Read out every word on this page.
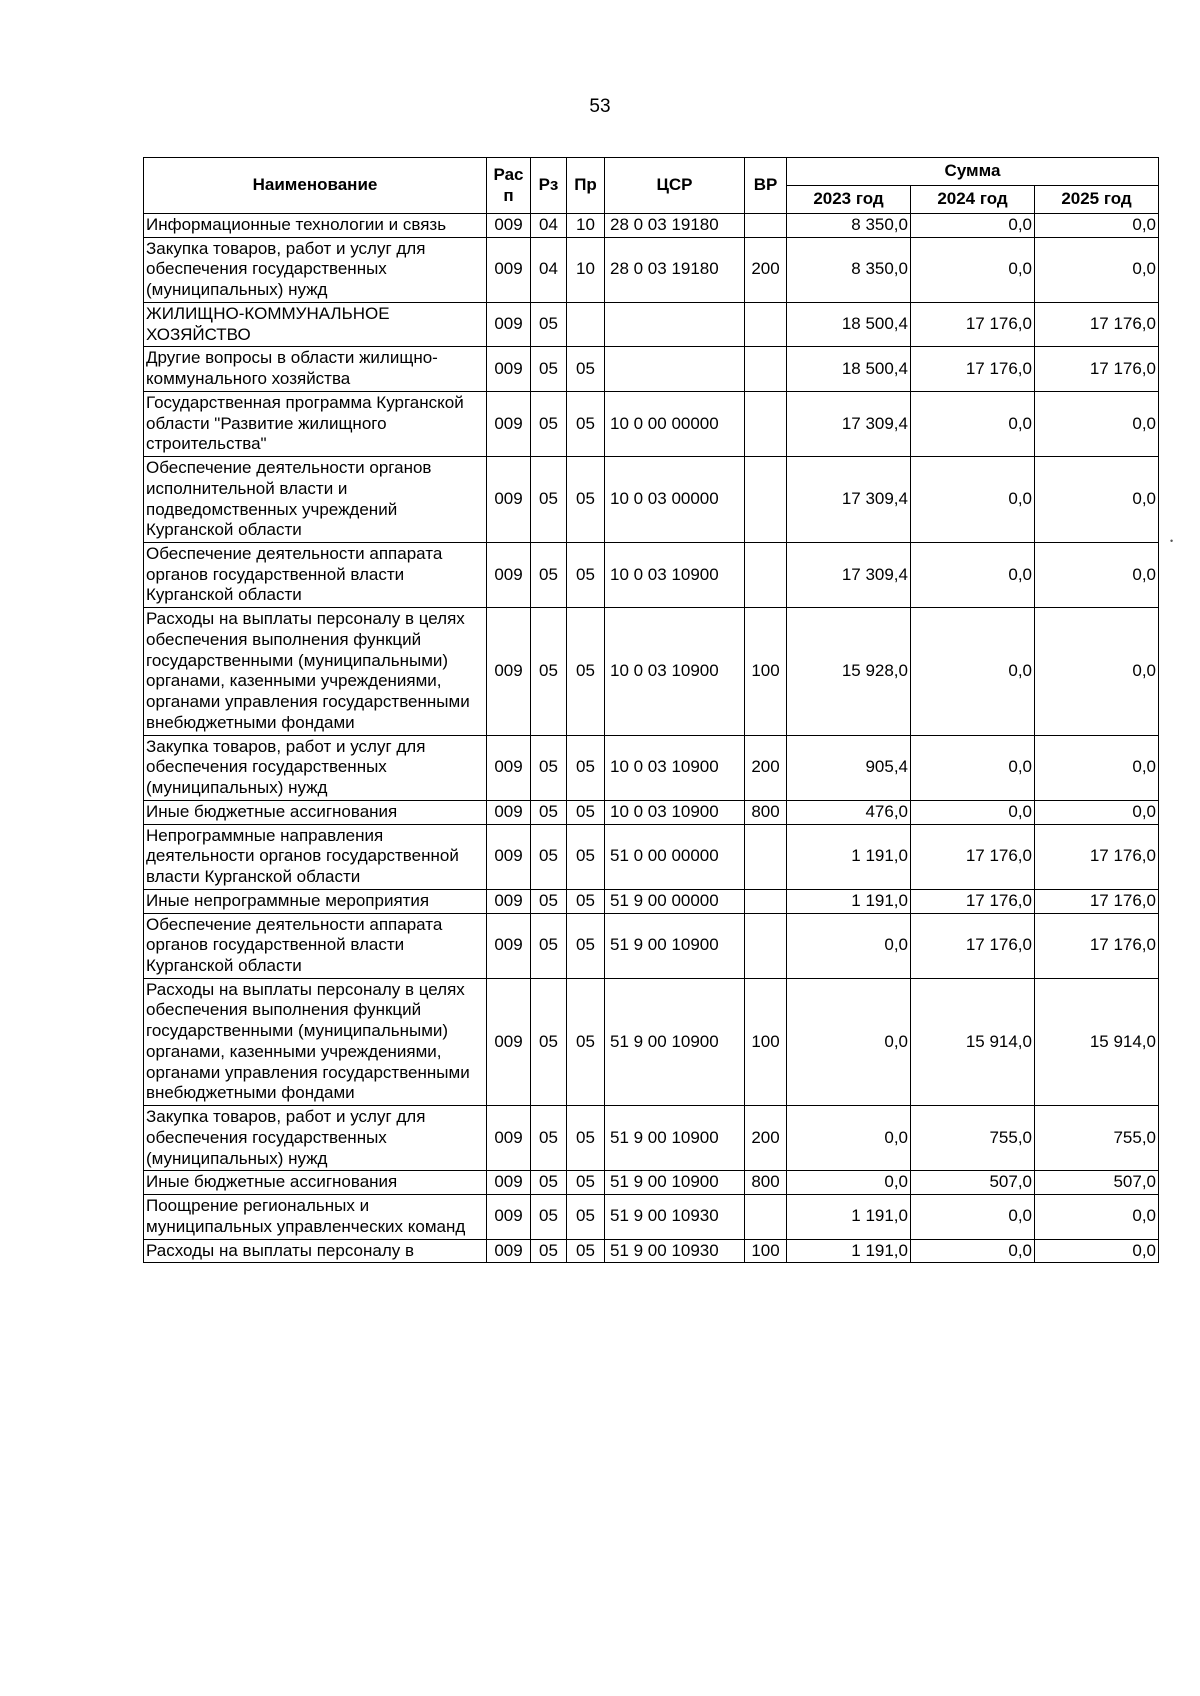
53
•
Наименование	Рас п	Рз	Пр	ЦСР	ВР	Сумма		
						2023 год	2024 год	2025 год
Информационные технологии и связь	009	04	10	28 0 03 19180		8 350,0	0,0	0,0
Закупка товаров, работ и услуг для обеспечения государственных (муниципальных) нужд	009	04	10	28 0 03 19180	200	8 350,0	0,0	0,0
ЖИЛИЩНО-КОММУНАЛЬНОЕ ХОЗЯЙСТВО	009	05				18 500,4	17 176,0	17 176,0
Другие вопросы в области жилищно-коммунального хозяйства	009	05	05			18 500,4	17 176,0	17 176,0
Государственная программа Курганской области "Развитие жилищного строительства"	009	05	05	10 0 00 00000		17 309,4	0,0	0,0
Обеспечение деятельности органов исполнительной власти и подведомственных учреждений Курганской области	009	05	05	10 0 03 00000		17 309,4	0,0	0,0
Обеспечение деятельности аппарата органов государственной власти Курганской области	009	05	05	10 0 03 10900		17 309,4	0,0	0,0
Расходы на выплаты персоналу в целях обеспечения выполнения функций государственными (муниципальными) органами, казенными учреждениями, органами управления государственными внебюджетными фондами	009	05	05	10 0 03 10900	100	15 928,0	0,0	0,0
Закупка товаров, работ и услуг для обеспечения государственных (муниципальных) нужд	009	05	05	10 0 03 10900	200	905,4	0,0	0,0
Иные бюджетные ассигнования	009	05	05	10 0 03 10900	800	476,0	0,0	0,0
Непрограммные направления деятельности органов государственной власти Курганской области	009	05	05	51 0 00 00000		1 191,0	17 176,0	17 176,0
Иные непрограммные мероприятия	009	05	05	51 9 00 00000		1 191,0	17 176,0	17 176,0
Обеспечение деятельности аппарата органов государственной власти Курганской области	009	05	05	51 9 00 10900		0,0	17 176,0	17 176,0
Расходы на выплаты персоналу в целях обеспечения выполнения функций государственными (муниципальными) органами, казенными учреждениями, органами управления государственными внебюджетными фондами	009	05	05	51 9 00 10900	100	0,0	15 914,0	15 914,0
Закупка товаров, работ и услуг для обеспечения государственных (муниципальных) нужд	009	05	05	51 9 00 10900	200	0,0	755,0	755,0
Иные бюджетные ассигнования	009	05	05	51 9 00 10900	800	0,0	507,0	507,0
Поощрение региональных и муниципальных управленческих команд	009	05	05	51 9 00 10930		1 191,0	0,0	0,0
Расходы на выплаты персоналу в	009	05	05	51 9 00 10930	100	1 191,0	0,0	0,0
